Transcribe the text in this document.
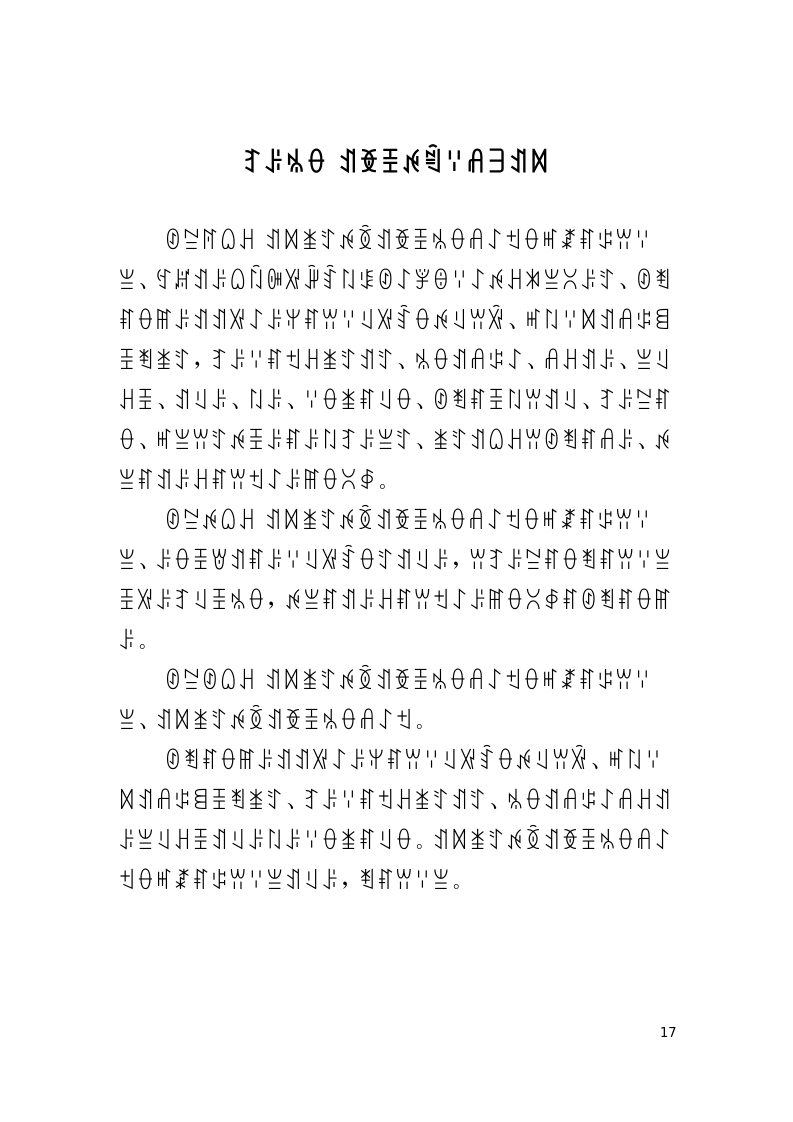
ꆈꌠꁱꂷ ꀊꆣꀨꉌꁢꈌꋬꎆꀊꉙ

ꊸꊂꊮꑘꃅ ꀊꉙꁧꄸꉌꅈꀊꆣꀨꁱꂷꋬꋍꉬꂷꎭꊨꐥꌒꀕꈌꁈ、ꉐꏦꀊꌠꑘꇀꁏꑟꎻꆎꇁꌐꊸꋍꇇꎔꈌꋍꉌꃅꐒꁈꇤꌠꄸ、ꊸꄮꐥꂷꂵꌠꀊꀊꑟꋍꌠꅍꐥꀕꈌꆹꑟꆎꂷꉌꆹꀕꑞ、ꎭꇁꈌꉙꀊꋬꌒꁌꀨꄮꁧꄸ，ꆈꌠꈌꐥꉬꃅꁧꄸꀊꄸ、ꁱꂷꀊꋬꌒꋍ、ꋬꃅꀊꌠ、ꁈꆹꃅꀨ、ꀊꆹꌠ、ꇁꌠ、ꈌꂷꁧꐥꆹꂷ、ꊸꄮꐥꀨꇁꀕꀊꆹ、ꆈꌠꊂꐥꂷ、ꎭꁈꀕꄸꉌꀨꌠꐥꌠꇁꆈꌠꁈꄸ、ꁧꄸꀊꑘꃅꀕꊸꄮꐥꋬꌠ、ꉌꁈꐥꀊꌠꃅꐥꀕꉬꋍꌠꂵꂷꇤꇉ。

ꊸꊂꉌꑘꃅ ꀊꉙꁧꄸꉌꅈꀊꆣꀨꁱꂷꋬꋍꉬꂷꎭꊨꐥꌒꀕꈌꁈ、ꌠꂷꀨꇐꀊꐥꌠꈌꆹꑟꆎꂷꄸꀊꆹꌠ，ꀕꆈꌠꊂꐥꂷꄮꐥꀕꈌꁈꀨꑟꌠꆈꆹꀨꁱꂷ，ꉌꁈꐥꀊꌠꃅꐥꀕꉬꋍꌠꂵꂷꇤꇉꐥꊸꄮꐥꂷꂵꌠ。

ꊸꊂꊸꑘꃅ ꀊꉙꁧꄸꉌꅈꀊꆣꀨꁱꂷꋬꋍꉬꂷꎭꊨꐥꌒꀕꈌꁈ、ꀊꉙꁧꄸꉌꅈꀊꆣꀨꁱꂷꋬꋍꉬ。

ꊸꄮꐥꂷꂵꌠꀊꀊꑟꋍꌠꅍꐥꀕꈌꆹꑟꆎꂷꉌꆹꀕꑞ、ꎭꇁꈌꉙꀊꋬꌒꁌꀨꄮꁧꄸ、ꆈꌠꈌꐥꉬꃅꁧꄸꀊꄸ、ꁱꂷꀊꋬꌒꋍꋬꃅꀊꌠꁈꆹꃅꀨꀊꆹꌠꇁꌠꈌꂷꁧꐥꆹꂷ。ꀊꉙꁧꄸꉌꅈꀊꆣꀨꁱꂷꋬꋍꉬꂷꎭꊨꐥꌒꀕꈌꁈꀊꆹꌠ，ꄮꐥꀕꈌꁈ。

17
